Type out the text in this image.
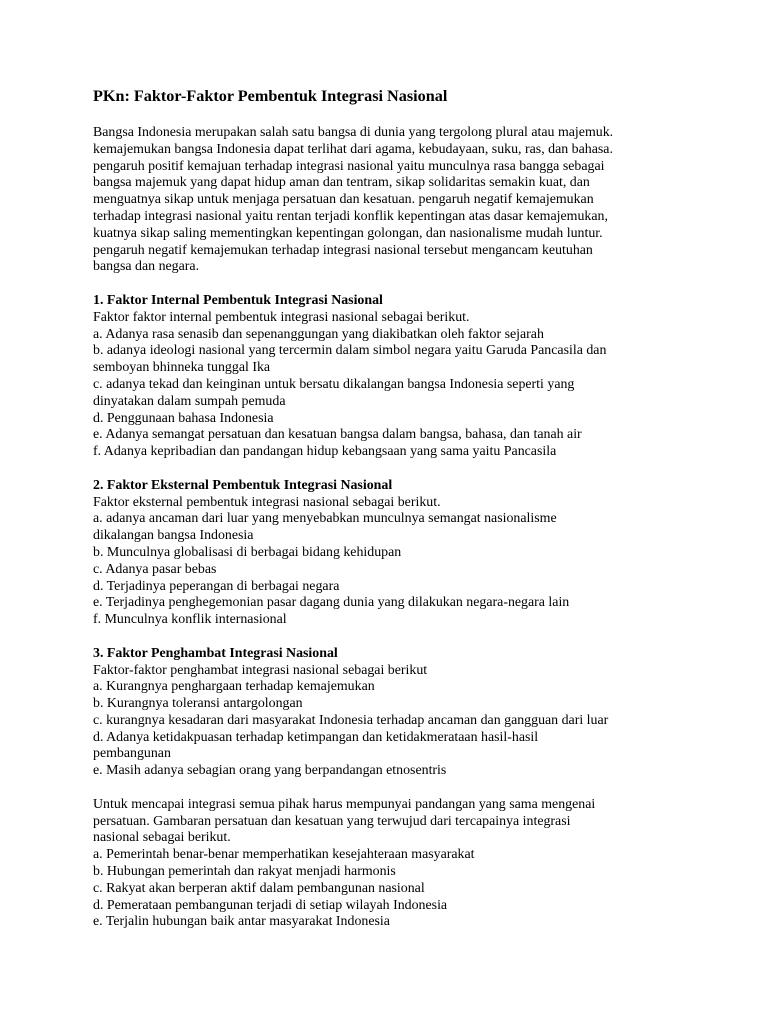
PKn: Faktor-Faktor Pembentuk Integrasi Nasional

Bangsa Indonesia merupakan salah satu bangsa di dunia yang tergolong plural atau majemuk.
kemajemukan bangsa Indonesia dapat terlihat dari agama, kebudayaan, suku, ras, dan bahasa.
pengaruh positif kemajuan terhadap integrasi nasional yaitu munculnya rasa bangga sebagai
bangsa majemuk yang dapat hidup aman dan tentram, sikap solidaritas semakin kuat, dan
menguatnya sikap untuk menjaga persatuan dan kesatuan. pengaruh negatif kemajemukan
terhadap integrasi nasional yaitu rentan terjadi konflik kepentingan atas dasar kemajemukan,
kuatnya sikap saling mementingkan kepentingan golongan, dan nasionalisme mudah luntur.
pengaruh negatif kemajemukan terhadap integrasi nasional tersebut mengancam keutuhan
bangsa dan negara.
1. Faktor Internal Pembentuk Integrasi Nasional
Faktor faktor internal pembentuk integrasi nasional sebagai berikut.
a. Adanya rasa senasib dan sepenanggungan yang diakibatkan oleh faktor sejarah
b. adanya ideologi nasional yang tercermin dalam simbol negara yaitu Garuda Pancasila dan
semboyan bhinneka tunggal Ika
c. adanya tekad dan keinginan untuk bersatu dikalangan bangsa Indonesia seperti yang
dinyatakan dalam sumpah pemuda
d. Penggunaan bahasa Indonesia
e. Adanya semangat persatuan dan kesatuan bangsa dalam bangsa, bahasa, dan tanah air
f. Adanya kepribadian dan pandangan hidup kebangsaan yang sama yaitu Pancasila
2. Faktor Eksternal Pembentuk Integrasi Nasional
Faktor eksternal pembentuk integrasi nasional sebagai berikut.
a. adanya ancaman dari luar yang menyebabkan munculnya semangat nasionalisme
dikalangan bangsa Indonesia
b. Munculnya globalisasi di berbagai bidang kehidupan
c. Adanya pasar bebas
d. Terjadinya peperangan di berbagai negara
e. Terjadinya penghegemonian pasar dagang dunia yang dilakukan negara-negara lain
f. Munculnya konflik internasional
3. Faktor Penghambat Integrasi Nasional
Faktor-faktor penghambat integrasi nasional sebagai berikut
a. Kurangnya penghargaan terhadap kemajemukan
b. Kurangnya toleransi antargolongan
c. kurangnya kesadaran dari masyarakat Indonesia terhadap ancaman dan gangguan dari luar
d. Adanya ketidakpuasan terhadap ketimpangan dan ketidakmerataan hasil-hasil
pembangunan
e. Masih adanya sebagian orang yang berpandangan etnosentris
Untuk mencapai integrasi semua pihak harus mempunyai pandangan yang sama mengenai
persatuan. Gambaran persatuan dan kesatuan yang terwujud dari tercapainya integrasi
nasional sebagai berikut.
a. Pemerintah benar-benar memperhatikan kesejahteraan masyarakat
b. Hubungan pemerintah dan rakyat menjadi harmonis
c. Rakyat akan berperan aktif dalam pembangunan nasional
d. Pemerataan pembangunan terjadi di setiap wilayah Indonesia
e. Terjalin hubungan baik antar masyarakat Indonesia
